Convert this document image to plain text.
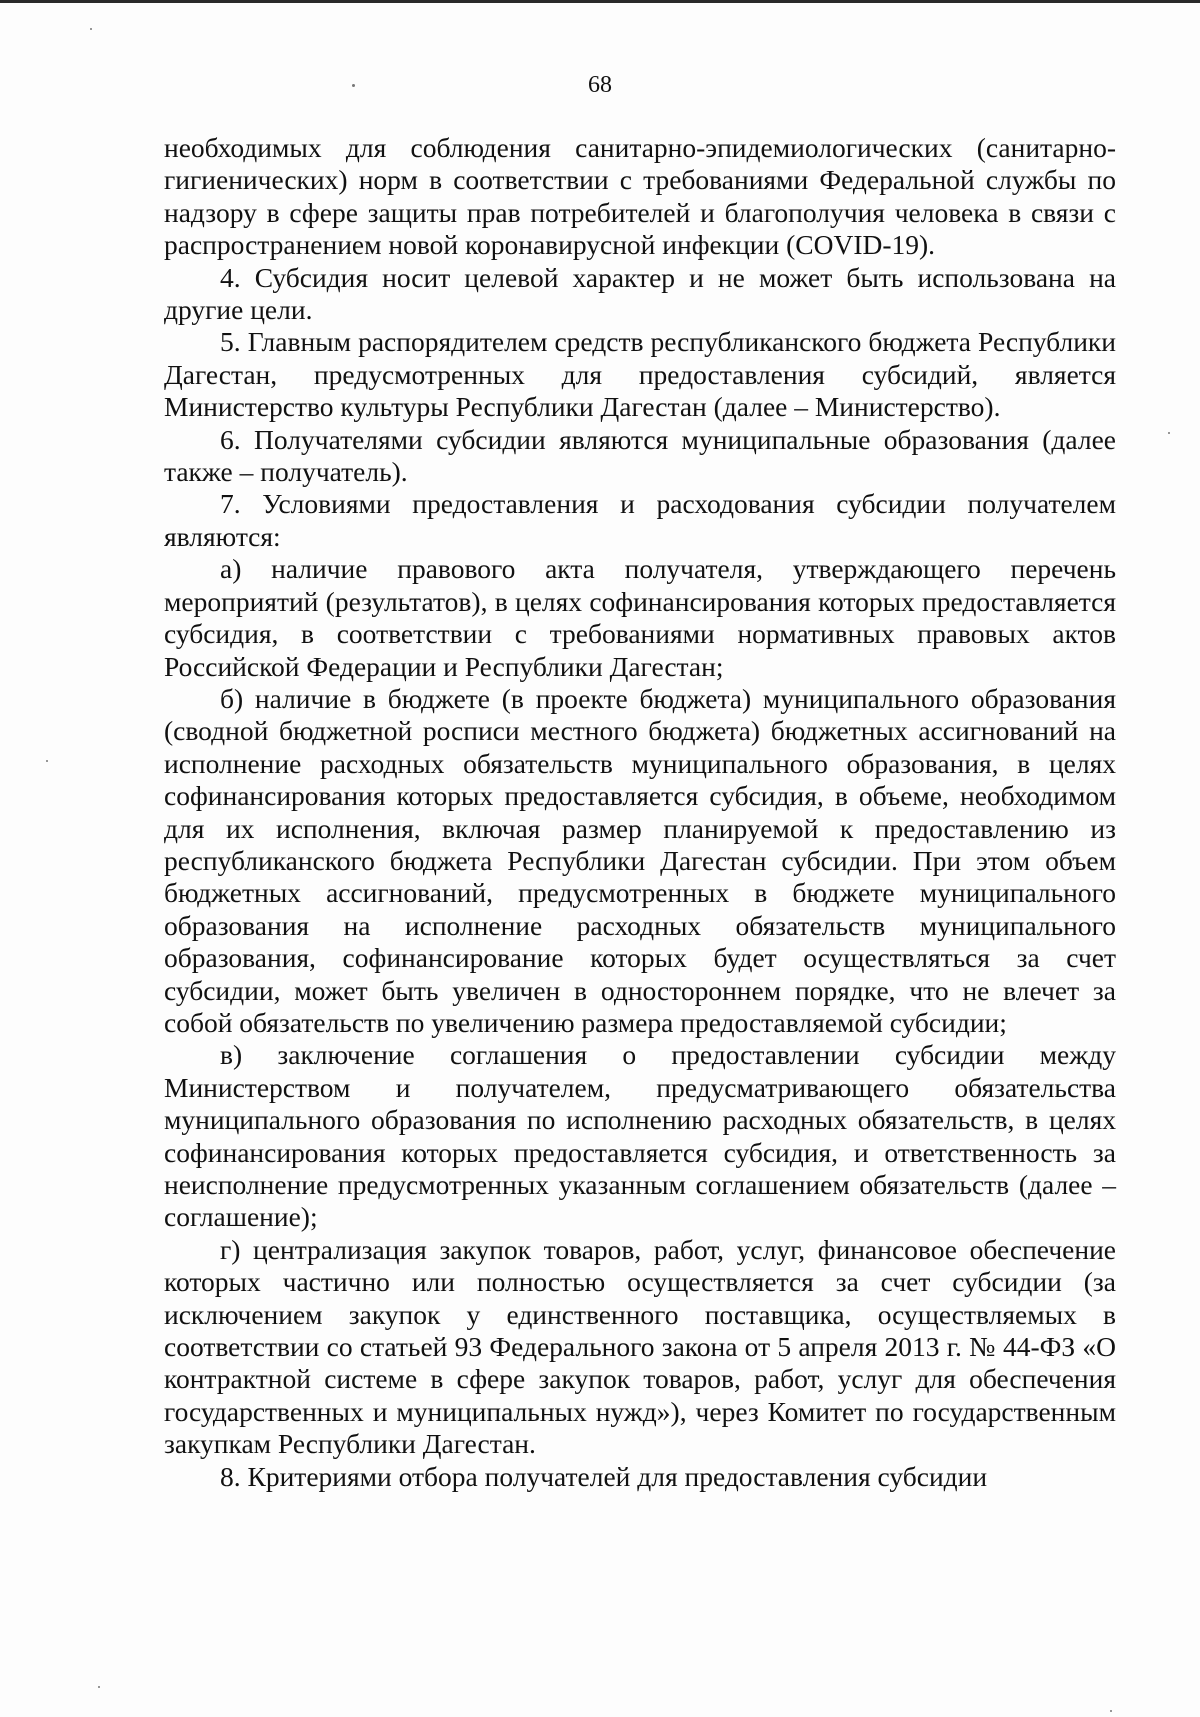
68

необходимых для соблюдения санитарно-эпидемиологических (санитарно-гигиенических) норм в соответствии с требованиями Федеральной службы по надзору в сфере защиты прав потребителей и благополучия человека в связи с распространением новой коронавирусной инфекции (COVID-19).

4. Субсидия носит целевой характер и не может быть использована на другие цели.

5. Главным распорядителем средств республиканского бюджета Республики Дагестан, предусмотренных для предоставления субсидий, является Министерство культуры Республики Дагестан (далее – Министерство).

6. Получателями субсидии являются муниципальные образования (далее также – получатель).

7. Условиями предоставления и расходования субсидии получателем являются:

а) наличие правового акта получателя, утверждающего перечень мероприятий (результатов), в целях софинансирования которых предоставляется субсидия, в соответствии с требованиями нормативных правовых актов Российской Федерации и Республики Дагестан;

б) наличие в бюджете (в проекте бюджета) муниципального образования (сводной бюджетной росписи местного бюджета) бюджетных ассигнований на исполнение расходных обязательств муниципального образования, в целях софинансирования которых предоставляется субсидия, в объеме, необходимом для их исполнения, включая размер планируемой к предоставлению из республиканского бюджета Республики Дагестан субсидии. При этом объем бюджетных ассигнований, предусмотренных в бюджете муниципального образования на исполнение расходных обязательств муниципального образования, софинансирование которых будет осуществляться за счет субсидии, может быть увеличен в одностороннем порядке, что не влечет за собой обязательств по увеличению размера предоставляемой субсидии;

в) заключение соглашения о предоставлении субсидии между Министерством и получателем, предусматривающего обязательства муниципального образования по исполнению расходных обязательств, в целях софинансирования которых предоставляется субсидия, и ответственность за неисполнение предусмотренных указанным соглашением обязательств (далее – соглашение);

г) централизация закупок товаров, работ, услуг, финансовое обеспечение которых частично или полностью осуществляется за счет субсидии (за исключением закупок у единственного поставщика, осуществляемых в соответствии со статьей 93 Федерального закона от 5 апреля 2013 г. № 44-ФЗ «О контрактной системе в сфере закупок товаров, работ, услуг для обеспечения государственных и муниципальных нужд»), через Комитет по государственным закупкам Республики Дагестан.

8. Критериями отбора получателей для предоставления субсидии
